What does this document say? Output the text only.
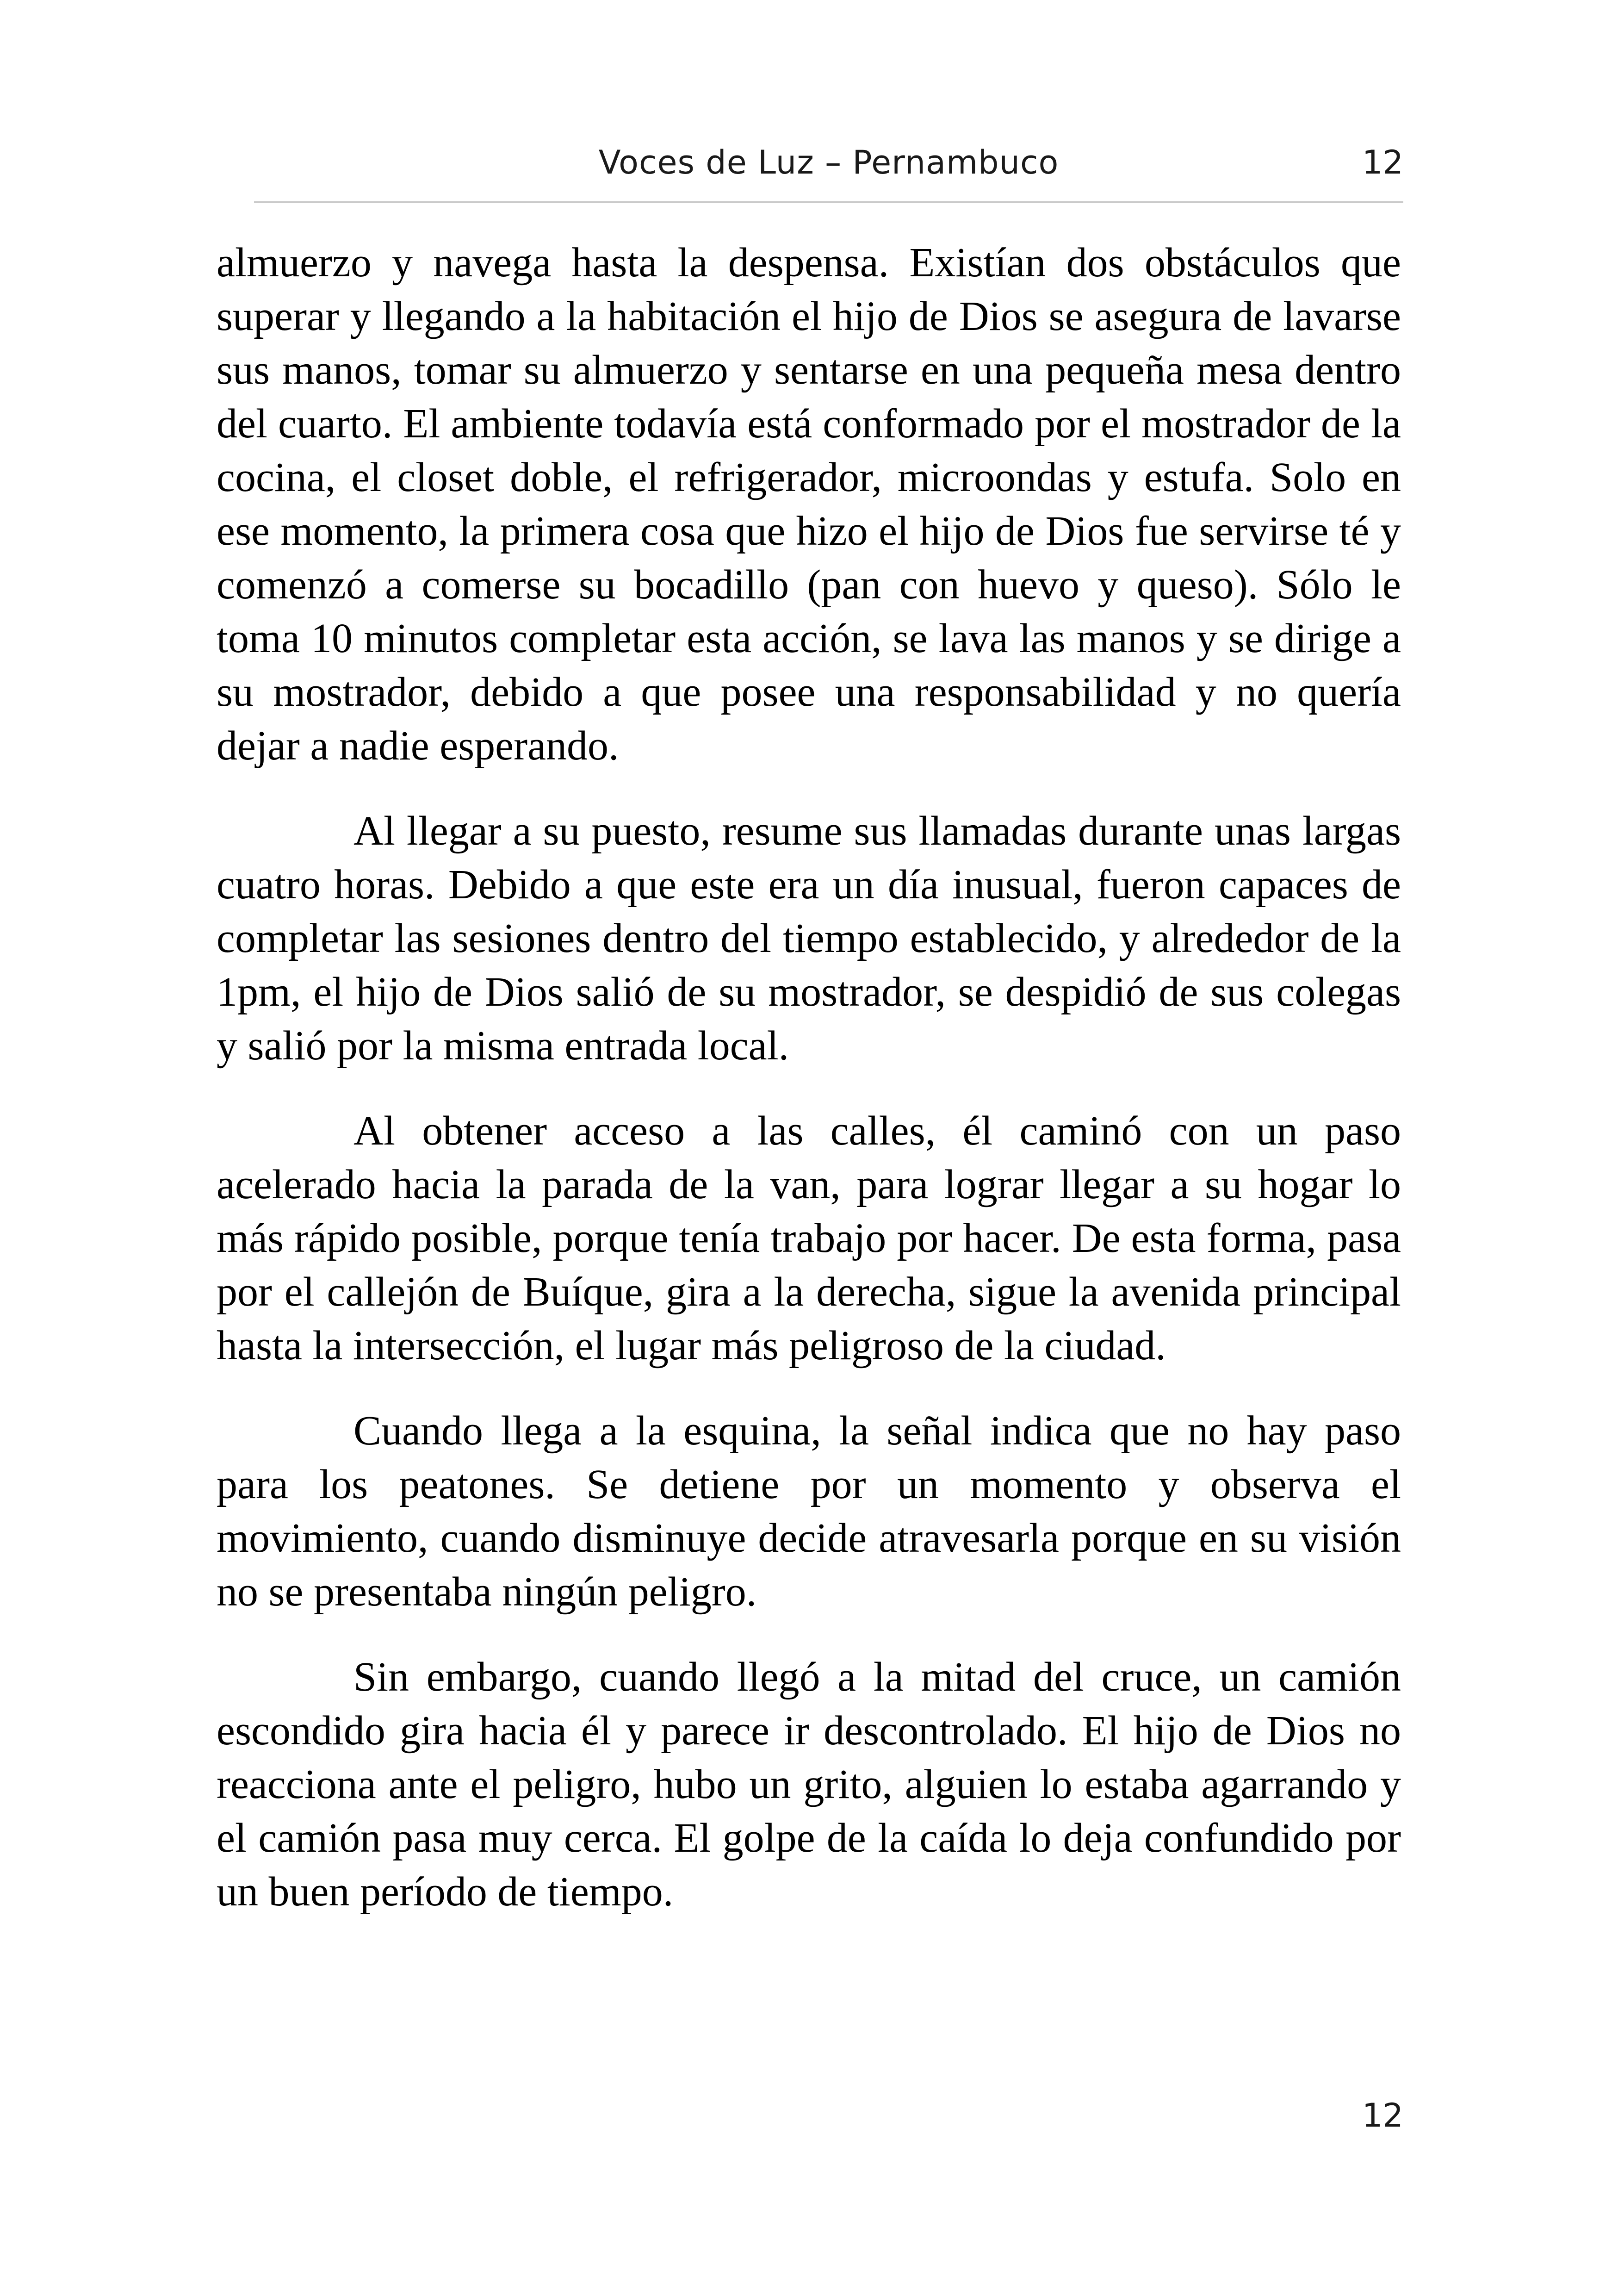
Voces de Luz – Pernambuco	12

almuerzo y navega hasta la despensa. Existían dos obstáculos que superar y llegando a la habitación el hijo de Dios se asegura de lavarse sus manos, tomar su almuerzo y sentarse en una pequeña mesa dentro del cuarto. El ambiente todavía está conformado por el mostrador de la cocina, el closet doble, el refrigerador, microondas y estufa. Solo en ese momento, la primera cosa que hizo el hijo de Dios fue servirse té y comenzó a comerse su bocadillo (pan con huevo y queso). Sólo le toma 10 minutos completar esta acción, se lava las manos y se dirige a su mostrador, debido a que posee una responsabilidad y no quería dejar a nadie esperando.

Al llegar a su puesto, resume sus llamadas durante unas largas cuatro horas. Debido a que este era un día inusual, fueron capaces de completar las sesiones dentro del tiempo establecido, y alrededor de la 1pm, el hijo de Dios salió de su mostrador, se despidió de sus colegas y salió por la misma entrada local.

Al obtener acceso a las calles, él caminó con un paso acelerado hacia la parada de la van, para lograr llegar a su hogar lo más rápido posible, porque tenía trabajo por hacer. De esta forma, pasa por el callejón de Buíque, gira a la derecha, sigue la avenida principal hasta la intersección, el lugar más peligroso de la ciudad.

Cuando llega a la esquina, la señal indica que no hay paso para los peatones. Se detiene por un momento y observa el movimiento, cuando disminuye decide atravesarla porque en su visión no se presentaba ningún peligro.

Sin embargo, cuando llegó a la mitad del cruce, un camión escondido gira hacia él y parece ir descontrolado. El hijo de Dios no reacciona ante el peligro, hubo un grito, alguien lo estaba agarrando y el camión pasa muy cerca. El golpe de la caída lo deja confundido por un buen período de tiempo.

12
